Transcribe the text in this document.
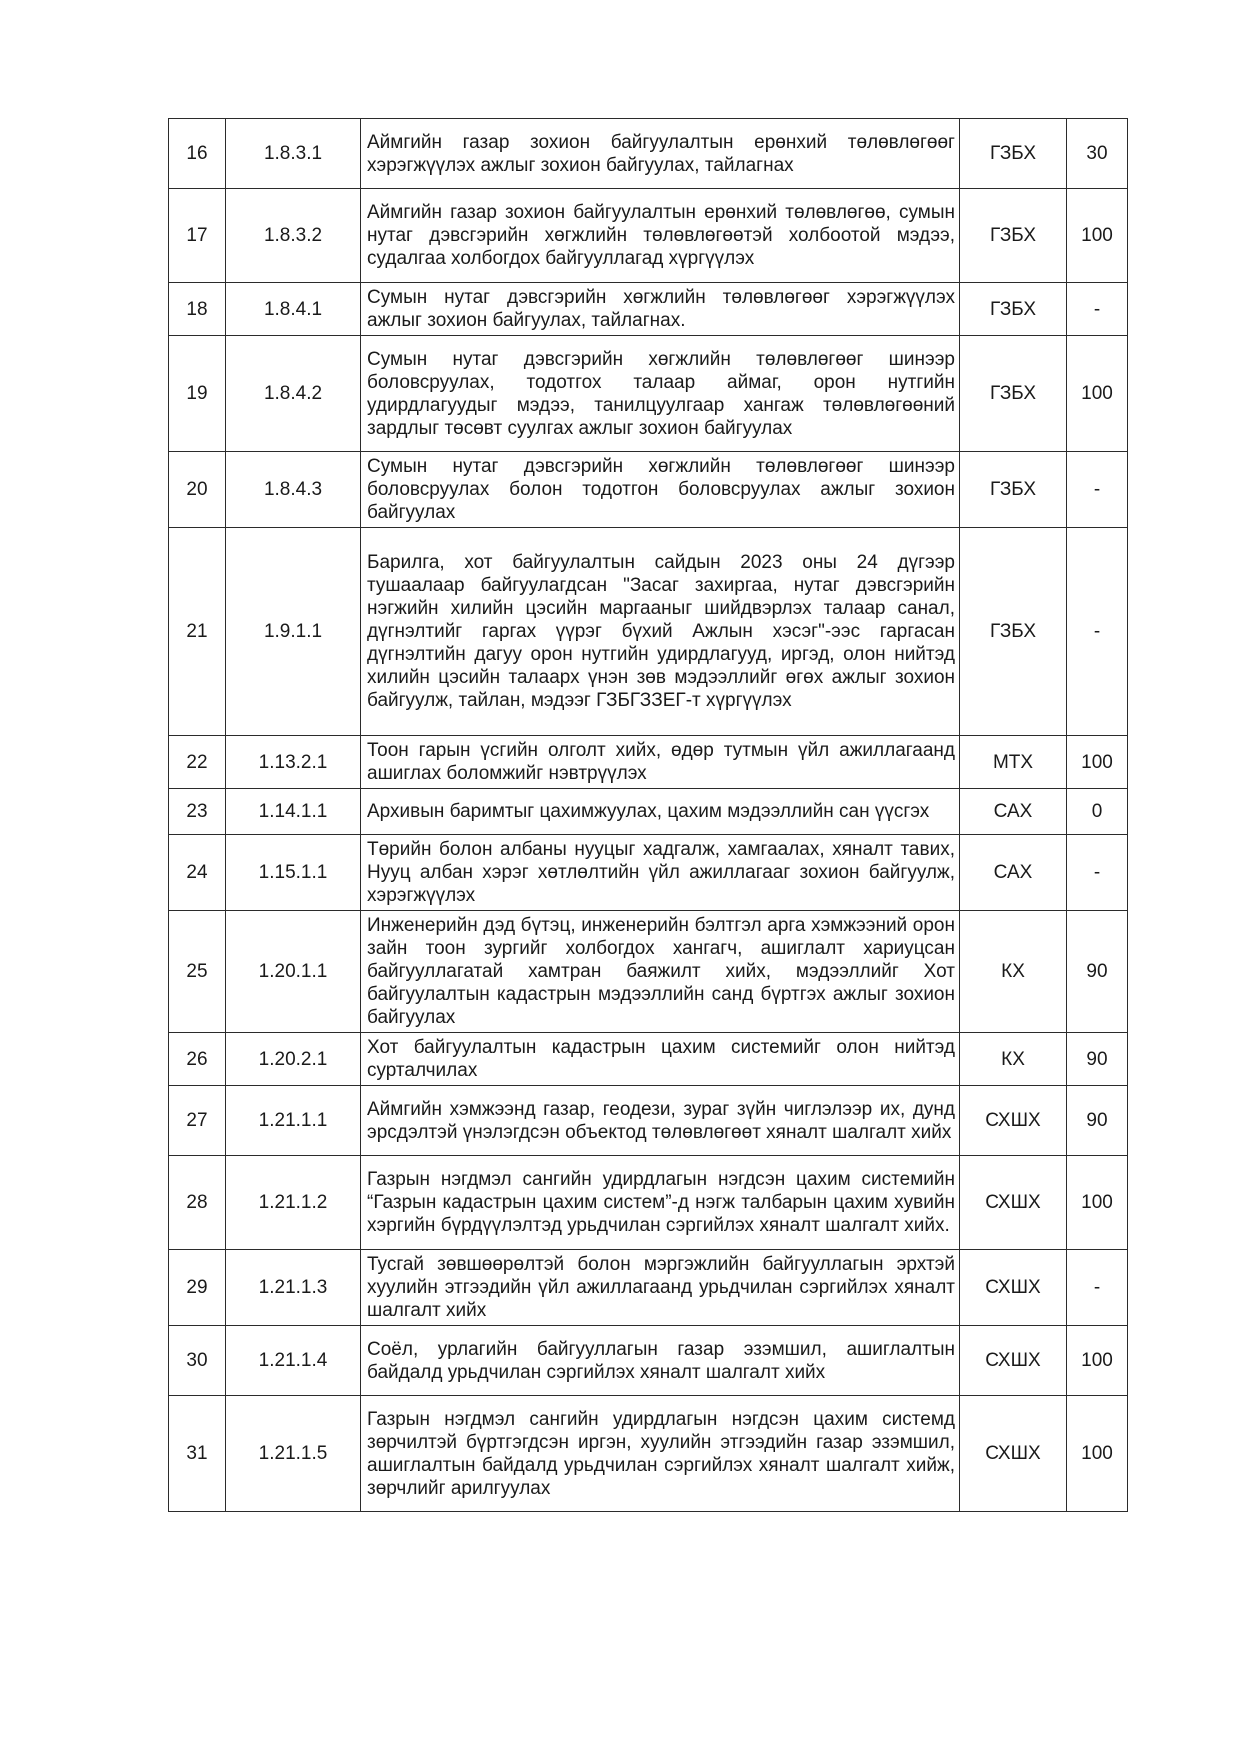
16	1.8.3.1	Аймгийн газар зохион байгуулалтын ерөнхий төлөвлөгөөг хэрэгжүүлэх ажлыг зохион байгуулах, тайлагнах	ГЗБХ	30
17	1.8.3.2	Аймгийн газар зохион байгуулалтын ерөнхий төлөвлөгөө, сумын нутаг дэвсгэрийн хөгжлийн төлөвлөгөөтэй холбоотой мэдээ, судалгаа холбогдох байгууллагад хүргүүлэх	ГЗБХ	100
18	1.8.4.1	Сумын нутаг дэвсгэрийн хөгжлийн төлөвлөгөөг хэрэгжүүлэх ажлыг зохион байгуулах, тайлагнах.	ГЗБХ	-
19	1.8.4.2	Сумын нутаг дэвсгэрийн хөгжлийн төлөвлөгөөг шинээр боловсруулах, тодотгох талаар аймаг, орон нутгийн удирдлагуудыг мэдээ, танилцуулгаар хангаж төлөвлөгөөний зардлыг төсөвт суулгах ажлыг зохион байгуулах	ГЗБХ	100
20	1.8.4.3	Сумын нутаг дэвсгэрийн хөгжлийн төлөвлөгөөг шинээр боловсруулах болон тодотгон боловсруулах ажлыг зохион байгуулах	ГЗБХ	-
21	1.9.1.1	Барилга, хот байгуулалтын сайдын 2023 оны 24 дүгээр тушаалаар байгуулагдсан "Засаг захиргаа, нутаг дэвсгэрийн нэгжийн хилийн цэсийн маргааныг шийдвэрлэх талаар санал, дүгнэлтийг гаргах үүрэг бүхий Ажлын хэсэг"-ээс гаргасан дүгнэлтийн дагуу орон нутгийн удирдлагууд, иргэд, олон нийтэд хилийн цэсийн талаарх үнэн зөв мэдээллийг өгөх ажлыг зохион байгуулж, тайлан, мэдээг ГЗБГЗЗЕГ-т хүргүүлэх	ГЗБХ	-
22	1.13.2.1	Тоон гарын үсгийн олголт хийх, өдөр тутмын үйл ажиллагаанд ашиглах боломжийг нэвтрүүлэх	МТХ	100
23	1.14.1.1	Архивын баримтыг цахимжуулах, цахим мэдээллийн сан үүсгэх	САХ	0
24	1.15.1.1	Төрийн болон албаны нууцыг хадгалж, хамгаалах, хяналт тавих, Нууц албан хэрэг хөтлөлтийн үйл ажиллагааг зохион байгуулж, хэрэгжүүлэх	САХ	-
25	1.20.1.1	Инженерийн дэд бүтэц, инженерийн бэлтгэл арга хэмжээний орон зайн тоон зургийг холбогдох хангагч, ашиглалт хариуцсан байгууллагатай хамтран баяжилт хийх, мэдээллийг Хот байгуулалтын кадастрын мэдээллийн санд бүртгэх ажлыг зохион байгуулах	КХ	90
26	1.20.2.1	Хот байгуулалтын кадастрын цахим системийг олон нийтэд сурталчилах	КХ	90
27	1.21.1.1	Аймгийн хэмжээнд газар, геодези, зураг зүйн чиглэлээр их, дунд эрсдэлтэй үнэлэгдсэн объектод төлөвлөгөөт хяналт шалгалт хийх	СХШХ	90
28	1.21.1.2	Газрын нэгдмэл сангийн удирдлагын нэгдсэн цахим системийн “Газрын кадастрын цахим систем”-д нэгж талбарын цахим хувийн хэргийн бүрдүүлэлтэд урьдчилан сэргийлэх хяналт шалгалт хийх.	СХШХ	100
29	1.21.1.3	Тусгай зөвшөөрөлтэй болон мэргэжлийн байгууллагын эрхтэй хуулийн этгээдийн үйл ажиллагаанд урьдчилан сэргийлэх хяналт шалгалт хийх	СХШХ	-
30	1.21.1.4	Соёл, урлагийн байгууллагын газар эзэмшил, ашиглалтын байдалд урьдчилан сэргийлэх хяналт шалгалт хийх	СХШХ	100
31	1.21.1.5	Газрын нэгдмэл сангийн удирдлагын нэгдсэн цахим системд зөрчилтэй бүртгэгдсэн иргэн, хуулийн этгээдийн газар эзэмшил, ашиглалтын байдалд урьдчилан сэргийлэх хяналт шалгалт хийж, зөрчлийг арилгуулах	СХШХ	100
